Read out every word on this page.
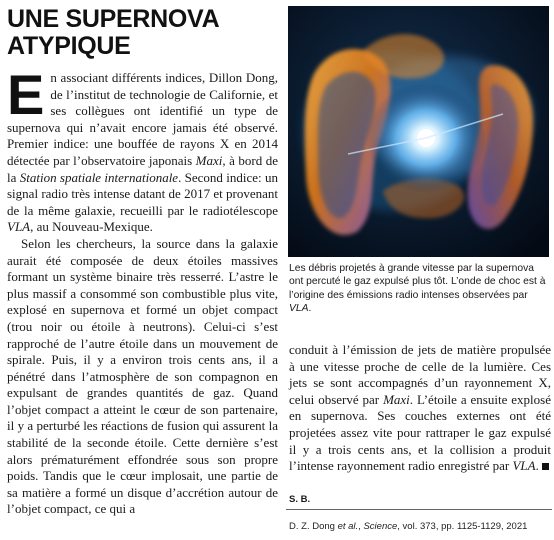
UNE SUPERNOVA
ATYPIQUE

En associant différents indices, Dillon Dong, de l’institut de technologie de Californie, et ses collègues ont identifié un type de supernova qui n’avait encore jamais été observé. Premier indice: une bouffée de rayons X en 2014 détectée par l’observatoire japonais Maxi, à bord de la Station spatiale internationale. Second indice: un signal radio très intense datant de 2017 et provenant de la même galaxie, recueilli par le radiotélescope VLA, au Nouveau-Mexique.

Selon les chercheurs, la source dans la galaxie aurait été composée de deux étoiles massives formant un système binaire très resserré. L’astre le plus massif a consommé son combustible plus vite, explosé en supernova et formé un objet compact (trou noir ou étoile à neutrons). Celui-ci s’est rapproché de l’autre étoile dans un mouvement de spirale. Puis, il y a environ trois cents ans, il a pénétré dans l’atmosphère de son compagnon en expulsant de grandes quantités de gaz. Quand l’objet compact a atteint le cœur de son partenaire, il y a perturbé les réactions de fusion qui assurent la stabilité de la seconde étoile. Cette dernière s’est alors prématurément effondrée sous son propre poids. Tandis que le cœur implosait, une partie de sa matière a formé un disque d’accrétion autour de l’objet compact, ce qui a

Les débris projetés à grande vitesse par la supernova ont percuté le gaz expulsé plus tôt. L’onde de choc est à l’origine des émissions radio intenses observées par VLA.

conduit à l’émission de jets de matière propulsée à une vitesse proche de celle de la lumière. Ces jets se sont accompagnés d’un rayonnement X, celui observé par Maxi. L’étoile a ensuite explosé en supernova. Ses couches externes ont été projetées assez vite pour rattraper le gaz expulsé il y a trois cents ans, et la collision a produit l’intense rayonnement radio enregistré par VLA.

S. B.
D. Z. Dong et al., Science, vol. 373, pp. 1125-1129, 2021
